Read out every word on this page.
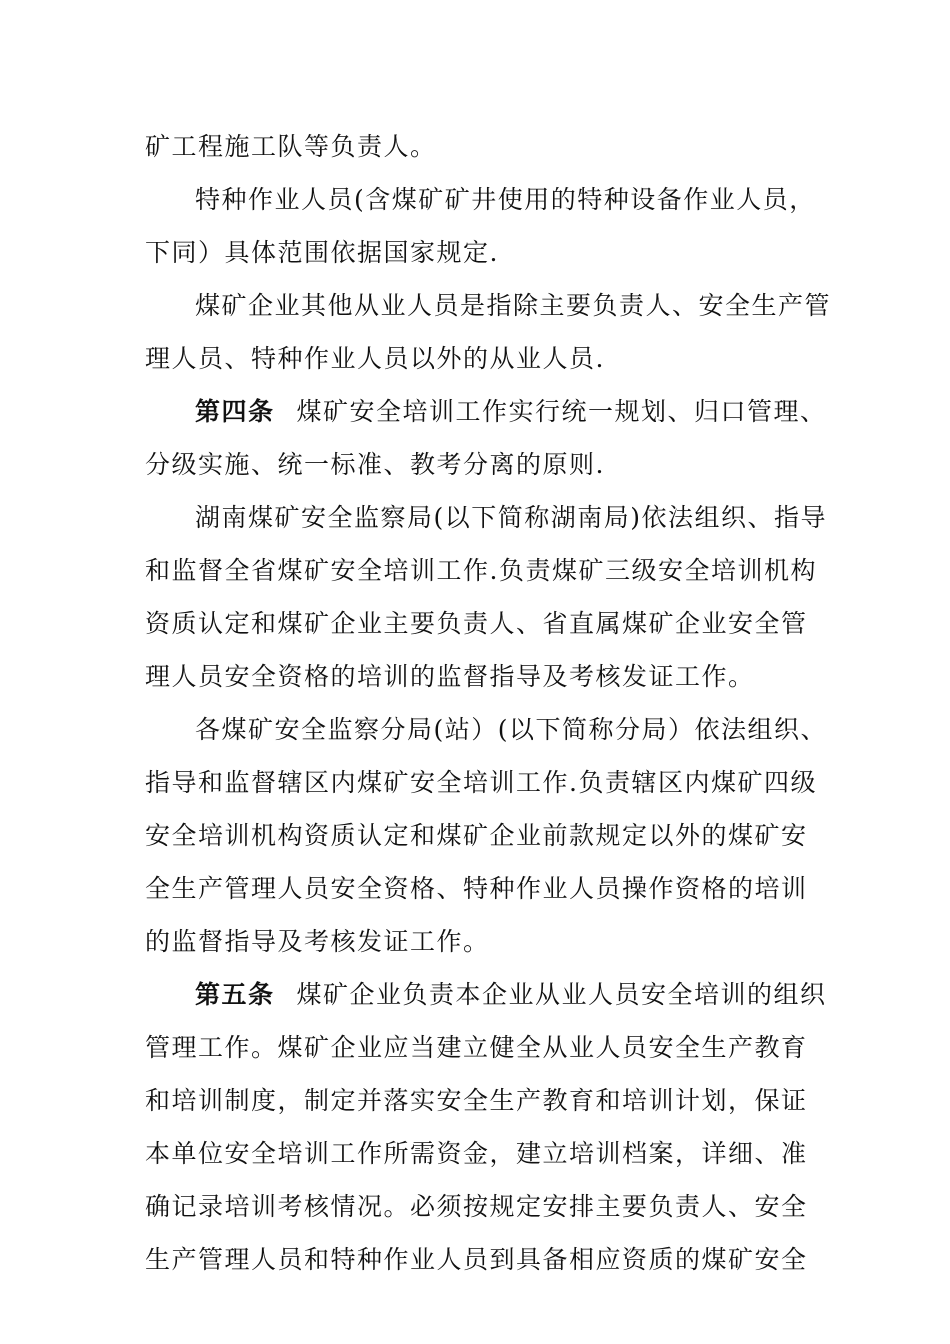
矿工程施工队等负责人。
特种作业人员(含煤矿矿井使用的特种设备作业人员，
下同）具体范围依据国家规定.
煤矿企业其他从业人员是指除主要负责人、安全生产管
理人员、特种作业人员以外的从业人员.
第四条 煤矿安全培训工作实行统一规划、归口管理、
分级实施、统一标准、教考分离的原则.
湖南煤矿安全监察局(以下简称湖南局)依法组织、指导
和监督全省煤矿安全培训工作.负责煤矿三级安全培训机构
资质认定和煤矿企业主要负责人、省直属煤矿企业安全管
理人员安全资格的培训的监督指导及考核发证工作。
各煤矿安全监察分局(站）(以下简称分局）依法组织、
指导和监督辖区内煤矿安全培训工作.负责辖区内煤矿四级
安全培训机构资质认定和煤矿企业前款规定以外的煤矿安
全生产管理人员安全资格、特种作业人员操作资格的培训
的监督指导及考核发证工作。
第五条 煤矿企业负责本企业从业人员安全培训的组织
管理工作。煤矿企业应当建立健全从业人员安全生产教育
和培训制度，制定并落实安全生产教育和培训计划，保证
本单位安全培训工作所需资金，建立培训档案，详细、准
确记录培训考核情况。必须按规定安排主要负责人、安全
生产管理人员和特种作业人员到具备相应资质的煤矿安全
